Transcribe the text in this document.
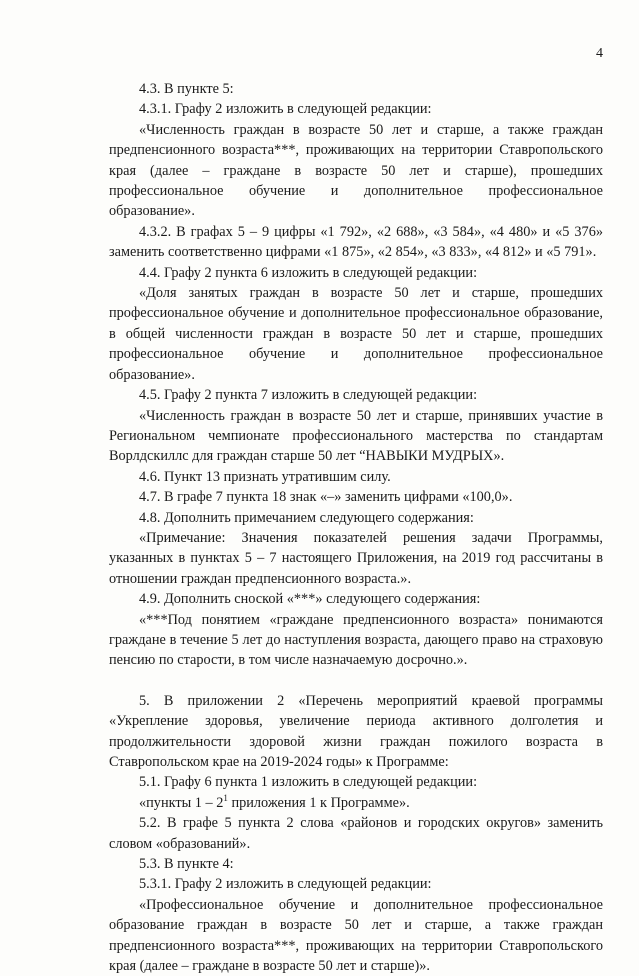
4

4.3. В пункте 5:

4.3.1. Графу 2 изложить в следующей редакции:

«Численность граждан в возрасте 50 лет и старше, а также граждан предпенсионного возраста***, проживающих на территории Ставропольского края (далее – граждане в возрасте 50 лет и старше), прошедших профессиональное обучение и дополнительное профессиональное образование».

4.3.2. В графах 5 – 9 цифры «1 792», «2 688», «3 584», «4 480» и «5 376» заменить соответственно цифрами «1 875», «2 854», «3 833», «4 812» и «5 791».

4.4. Графу 2 пункта 6 изложить в следующей редакции:

«Доля занятых граждан в возрасте 50 лет и старше, прошедших профессиональное обучение и дополнительное профессиональное образование, в общей численности граждан в возрасте 50 лет и старше, прошедших профессиональное обучение и дополнительное профессиональное образование».

4.5. Графу 2 пункта 7 изложить в следующей редакции:

«Численность граждан в возрасте 50 лет и старше, принявших участие в Региональном чемпионате профессионального мастерства по стандартам Ворлдскиллс для граждан старше 50 лет “НАВЫКИ МУДРЫХ».

4.6. Пункт 13 признать утратившим силу.

4.7. В графе 7 пункта 18 знак «–» заменить цифрами «100,0».

4.8. Дополнить примечанием следующего содержания:

«Примечание: Значения показателей решения задачи Программы, указанных в пунктах 5 – 7 настоящего Приложения, на 2019 год рассчитаны в отношении граждан предпенсионного возраста.».

4.9. Дополнить сноской «***» следующего содержания:

«***Под понятием «граждане предпенсионного возраста» понимаются граждане в течение 5 лет до наступления возраста, дающего право на страховую пенсию по старости, в том числе назначаемую досрочно.».

5. В приложении 2 «Перечень мероприятий краевой программы «Укрепление здоровья, увеличение периода активного долголетия и продолжительности здоровой жизни граждан пожилого возраста в Ставропольском крае на 2019-2024 годы» к Программе:

5.1. Графу 6 пункта 1 изложить в следующей редакции:

«пункты $1 - 2^1$ приложения 1 к Программе».

5.2. В графе 5 пункта 2 слова «районов и городских округов» заменить словом «образований».

5.3. В пункте 4:

5.3.1. Графу 2 изложить в следующей редакции:

«Профессиональное обучение и дополнительное профессиональное образование граждан в возрасте 50 лет и старше, а также граждан предпенсионного возраста***, проживающих на территории Ставропольского края (далее – граждане в возрасте 50 лет и старше)».
